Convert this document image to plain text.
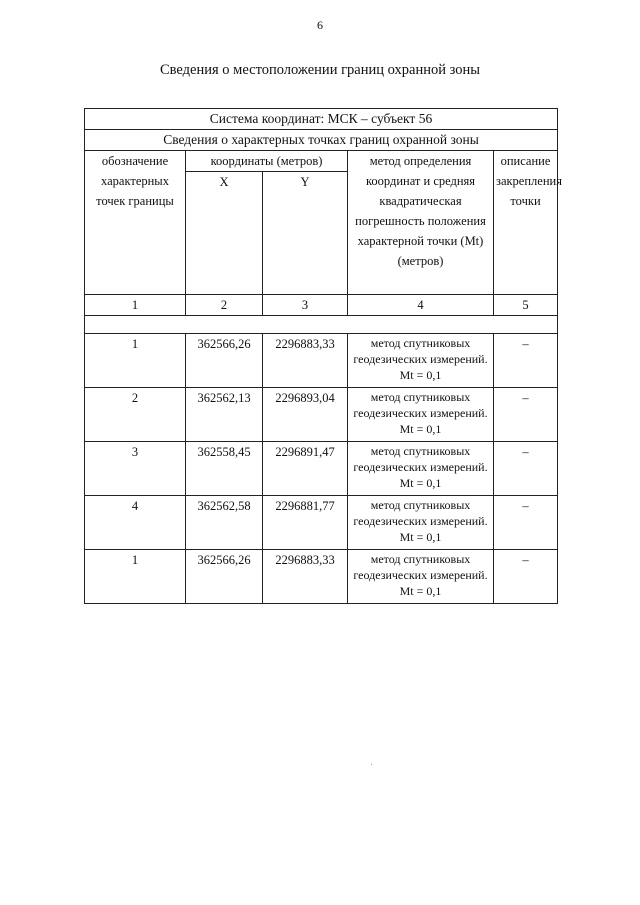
6
Сведения о местоположении границ охранной зоны
Система координат: МСК – субъект 56				
Сведения о характерных точках границ охранной зоны				
обозначение характерных точек границы	координаты (метров)		метод определения координат и средняя квадратическая погрешность положения характерной точки (Mt) (метров)	описание закрепления точки
	X	Y		
1	2	3	4	5

1	362566,26	2296883,33	метод спутниковых геодезических измерений. Mt = 0,1	–
2	362562,13	2296893,04	метод спутниковых геодезических измерений. Mt = 0,1	–
3	362558,45	2296891,47	метод спутниковых геодезических измерений. Mt = 0,1	–
4	362562,58	2296881,77	метод спутниковых геодезических измерений. Mt = 0,1	–
1	362566,26	2296883,33	метод спутниковых геодезических измерений. Mt = 0,1	–
